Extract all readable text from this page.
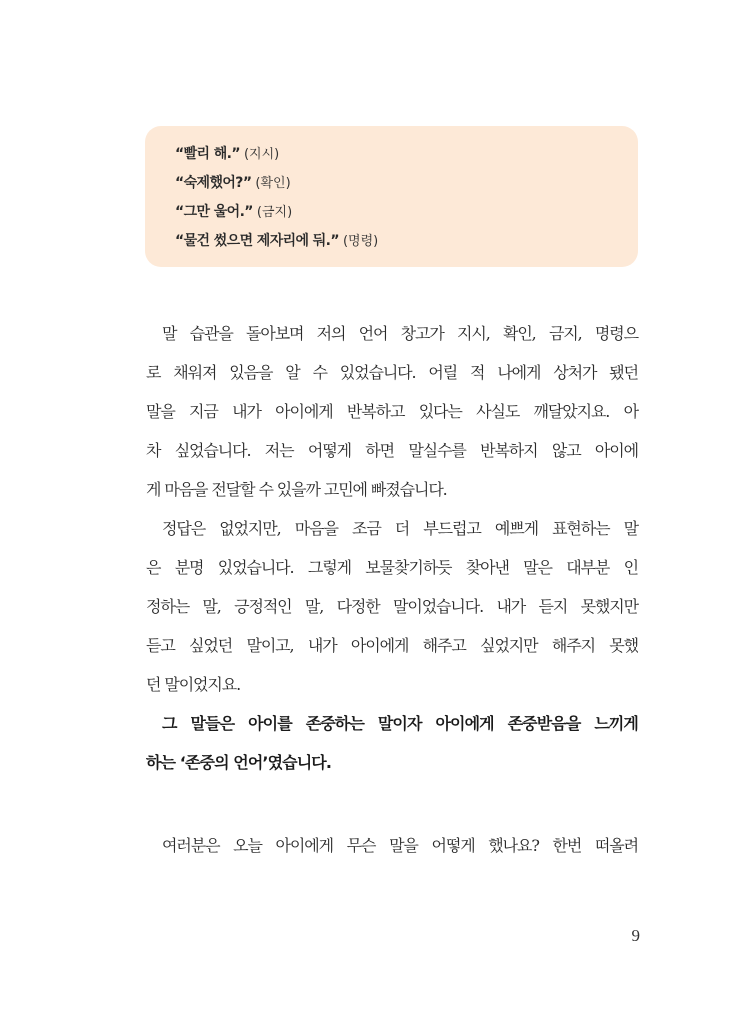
“빨리 해.” (지시)
“숙제했어?” (확인)
“그만 울어.” (금지)
“물건 썼으면 제자리에 둬.” (명령)
말 습관을 돌아보며 저의 언어 창고가 지시, 확인, 금지, 명령으
로 채워져 있음을 알 수 있었습니다. 어릴 적 나에게 상처가 됐던
말을 지금 내가 아이에게 반복하고 있다는 사실도 깨달았지요. 아
차 싶었습니다. 저는 어떻게 하면 말실수를 반복하지 않고 아이에
게 마음을 전달할 수 있을까 고민에 빠졌습니다.
정답은 없었지만, 마음을 조금 더 부드럽고 예쁘게 표현하는 말
은 분명 있었습니다. 그렇게 보물찾기하듯 찾아낸 말은 대부분 인
정하는 말, 긍정적인 말, 다정한 말이었습니다. 내가 듣지 못했지만
듣고 싶었던 말이고, 내가 아이에게 해주고 싶었지만 해주지 못했
던 말이었지요.
그 말들은 아이를 존중하는 말이자 아이에게 존중받음을 느끼게
하는 ‘존중의 언어’였습니다.
여러분은 오늘 아이에게 무슨 말을 어떻게 했나요? 한번 떠올려
9
